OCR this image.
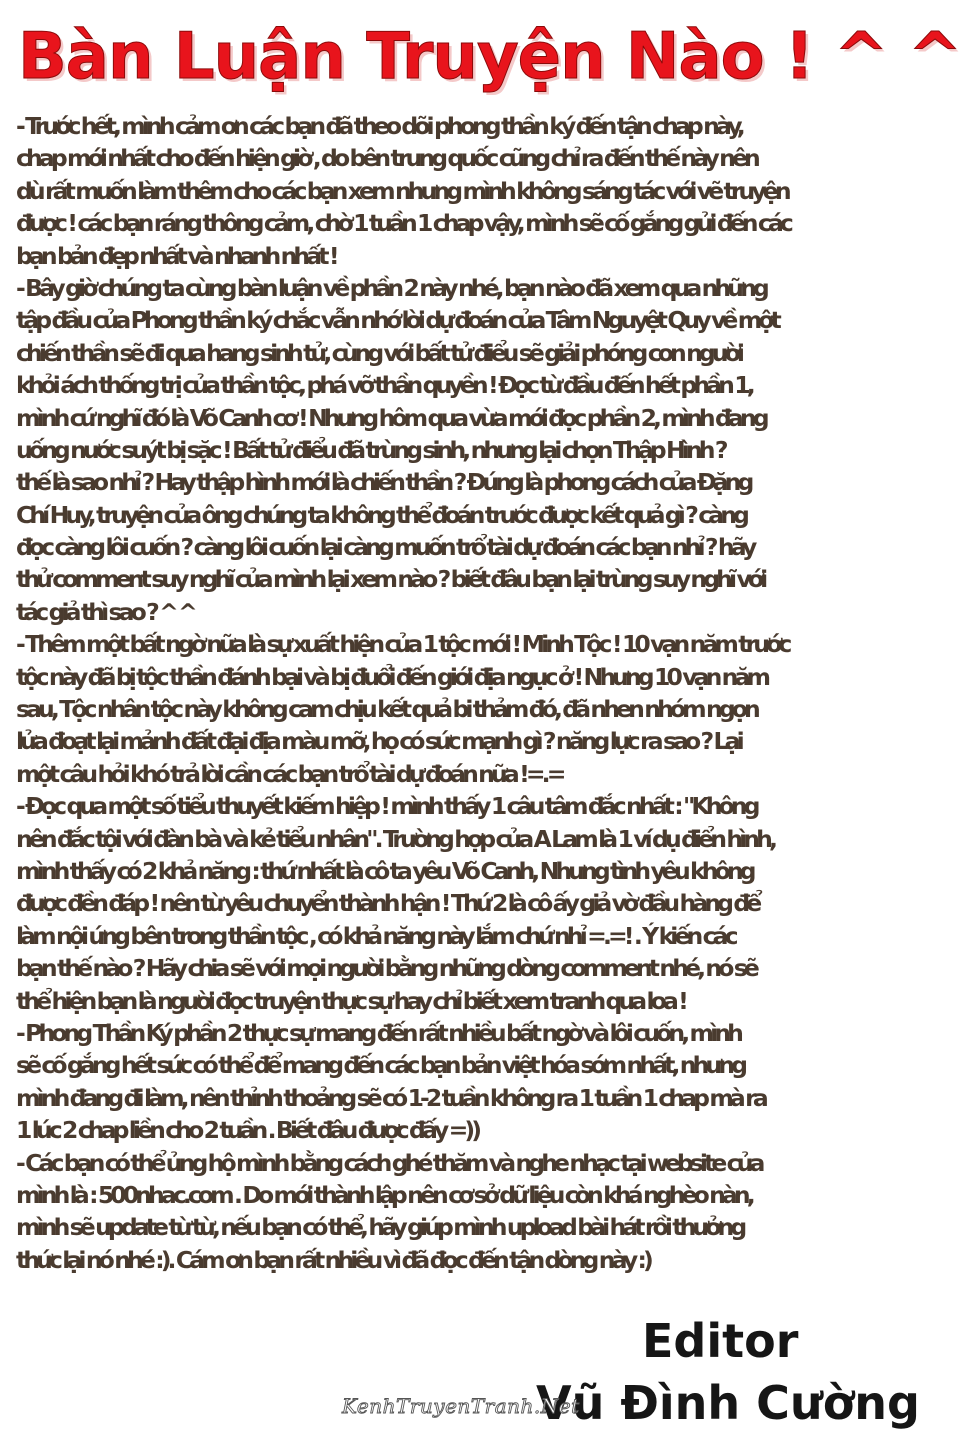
Bàn Luận Truyện Nào ! ^ ^
- Trước hết, mình cảm ơn các bạn đã theo dõi phong thần ký đến tận chap này,
chap mới nhất cho đến hiện giờ , do bên trung quốc cũng chỉ ra đến thế này nên
dù rất muốn làm thêm cho các bạn xem nhưng mình không sáng tác với vẽ truyện
được ! các bạn ráng thông cảm, chờ 1 tuần 1 chap vậy, mình sẽ cố gắng gửi đến các
bạn bản đẹp nhất và nhanh nhất !
- Bây giờ chúng ta cùng bàn luận về phần 2 này nhé, bạn nào đã xem qua những
tập đầu của Phong thần ký chắc vẫn nhớ lời dự đoán của Tâm Nguyệt Quy về một
chiến thần sẽ đi qua hang sinh tử, cùng với bất tử điểu sẽ giải phóng con người
khỏi ách thống trị của thần tộc, phá vỡ thần quyền ! Đọc từ đầu đến hết phần 1,
mình cứ nghĩ đó là Võ Canh cơ ! Nhưng hôm qua vừa mới đọc phần 2, mình đang
uống nước suýt bị sặc ! Bất tử điểu đã trùng sinh, nhưng lại chọn Thập Hình ?
thế là sao nhỉ ? Hay thập hình mới là chiến thần ? Đúng là phong cách của Đặng
Chí Huy, truyện của ông chúng ta không thể đoán trước được kết quả gì ? càng
đọc càng lôi cuốn ? càng lôi cuốn lại càng muốn trổ tài dự đoán các bạn nhỉ ? hãy
thử comment suy nghĩ của mình lại xem nào ? biết đâu bạn lại trùng suy nghĩ với
tác giả thì sao ? ^ ^
- Thêm một bất ngờ nữa là sự xuất hiện của 1 tộc mới ! Minh Tộc ! 10 vạn năm trước
tộc này đã bị tộc thần đánh bại và bị đuổi đến giới địa ngục ở ! Nhưng 10 vạn năm
sau, Tộc nhân tộc này không cam chịu kết quả bi thảm đó, đã nhen nhóm ngọn
lửa đoạt lại mảnh đất đại địa màu mỡ, họ có sức mạnh gì ? năng lực ra sao ? Lại
một câu hỏi khó trả lời cần các bạn trổ tài dự đoán nữa !=.=
- Đọc qua một số tiểu thuyết kiếm hiệp ! mình thấy 1 câu tâm đắc nhất : "Không
nên đắc tội với đàn bà và kẻ tiểu nhân". Trường hợp của A Lam là 1 ví dụ điển hình,
mình thấy có 2 khả năng : thứ nhất là cô ta yêu Võ Canh, Nhưng tình yêu không
được đền đáp ! nên từ yêu chuyển thành hận ! Thứ 2 là cô ấy giả vờ đầu hàng để
làm nội ứng bên trong thần tộc , có khả năng này lắm chứ nhỉ =.=! . Ý kiến các
bạn thế nào ? Hãy chia sẽ với mọi người bằng những dòng comment nhé, nó sẽ
thể hiện bạn là người đọc truyện thực sự hay chỉ biết xem tranh qua loa !
- Phong Thần Ký phần 2 thực sự mang đến rất nhiều bất ngờ và lôi cuốn, mình
sẽ cố gắng hết sức có thể để mang đến các bạn bản việt hóa sớm nhất, nhưng
mình đang đi làm, nên thỉnh thoảng sẽ có 1-2 tuần không ra 1 tuần 1 chap mà ra
1 lúc 2 chap liền cho 2 tuần . Biết đâu được đấy =))
- Các bạn có thể ủng hộ mình bằng cách ghé thăm và nghe nhạc tại website của
mình là : 500nhac.com . Do mới thành lập nên cơ sở dữ liệu còn khá nghèo nàn,
mình sẽ update từ từ, nếu bạn có thể, hãy giúp mình upload bài hát rồi thưởng
thức lại nó nhé :). Cám ơn bạn rất nhiều vì đã đọc đến tận dòng này :)
Editor
Vũ Đình Cường
KenhTruyenTranh.Net
